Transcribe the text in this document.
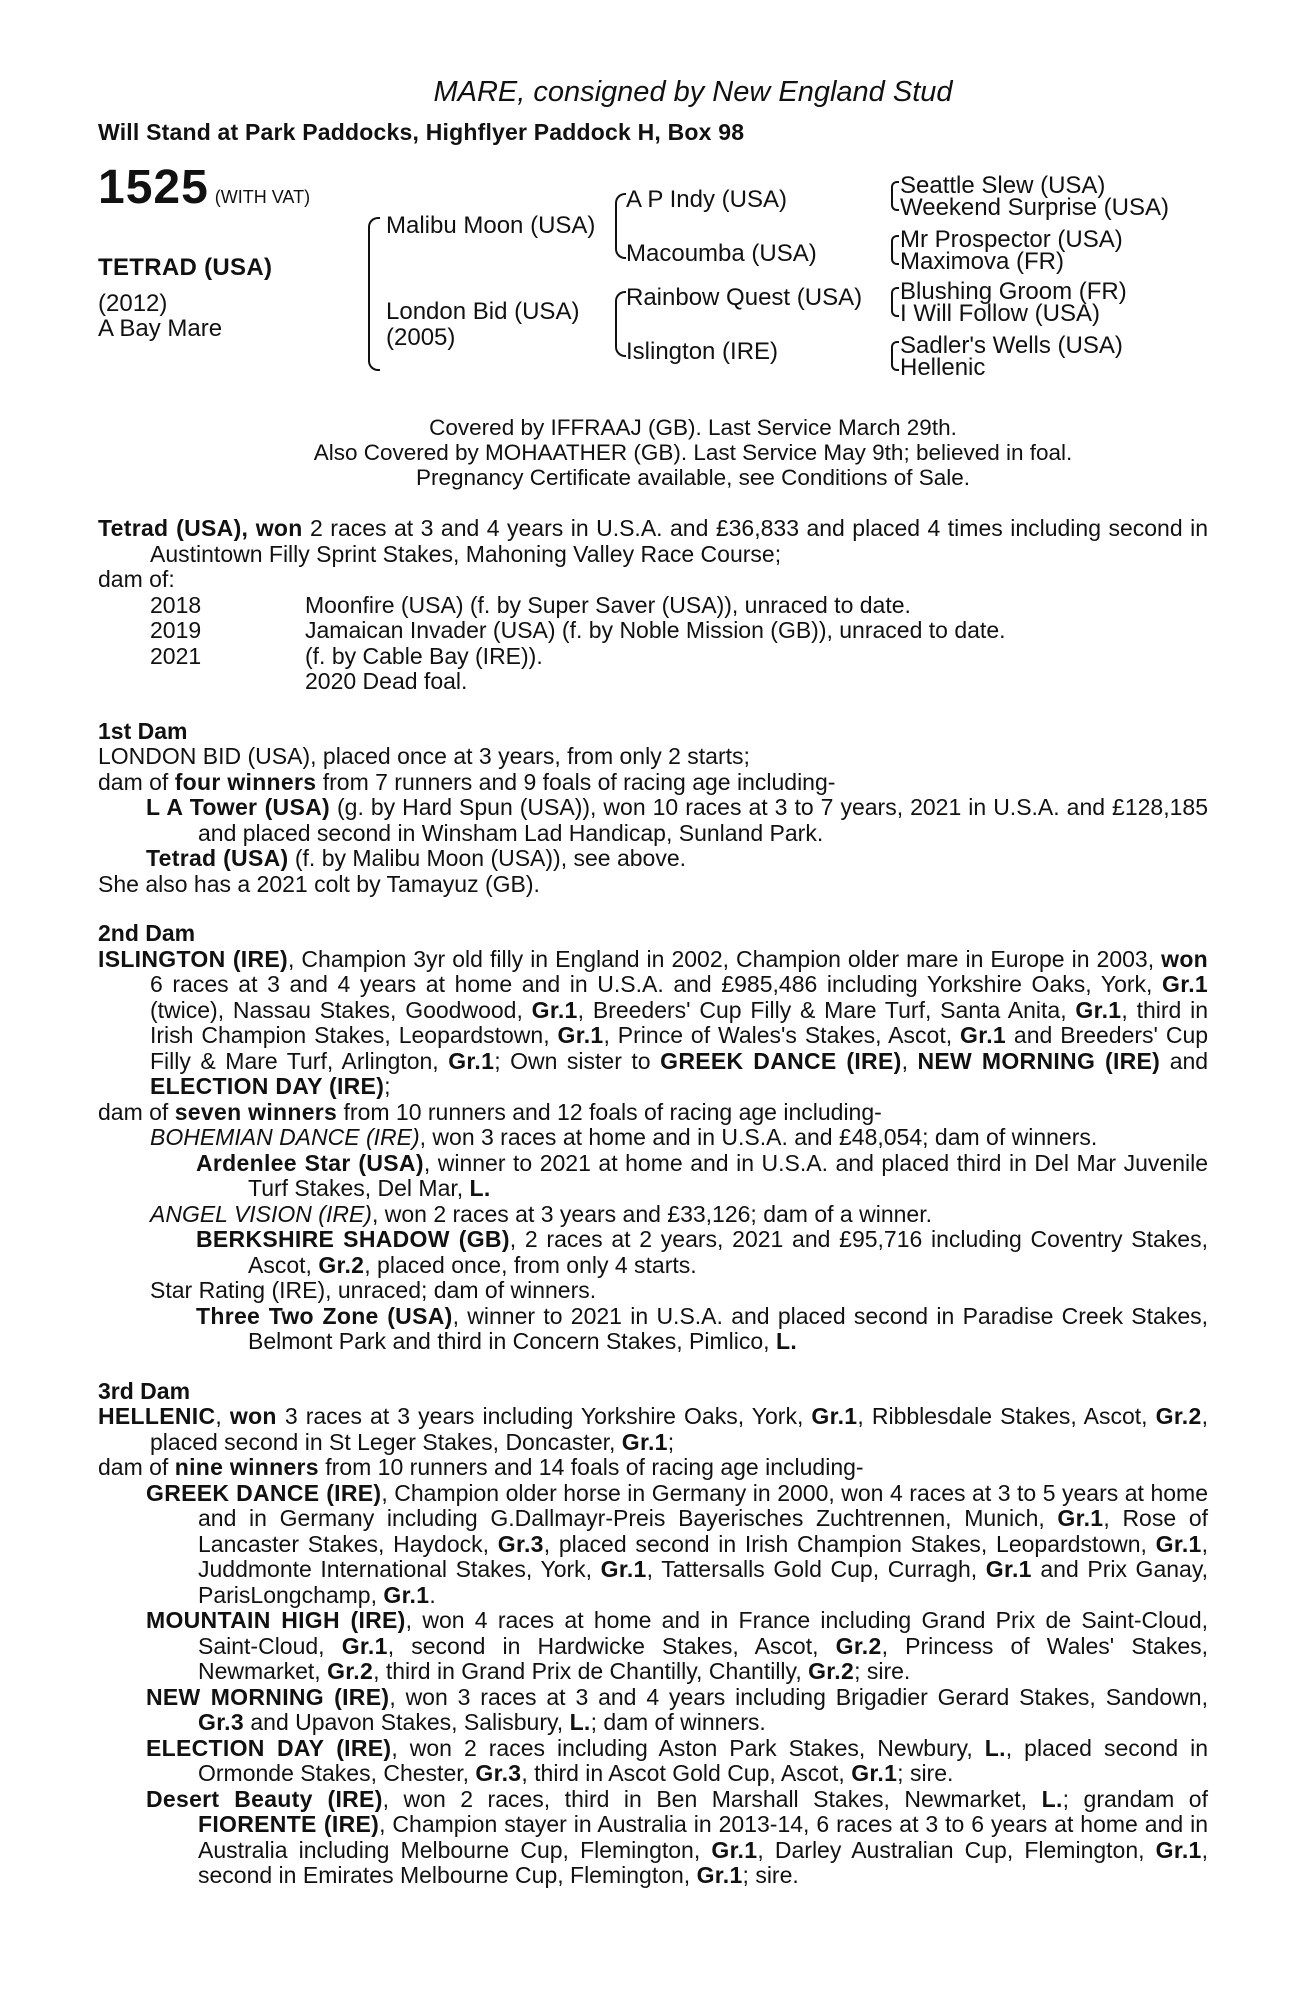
MARE, consigned by New England Stud
Will Stand at Park Paddocks, Highflyer Paddock H, Box 98
1525 (WITH VAT)
TETRAD (USA)
(2012)
A Bay Mare
Malibu Moon (USA)
London Bid (USA)
(2005)
A P Indy (USA)
Macoumba (USA)
Rainbow Quest (USA)
Islington (IRE)
Seattle Slew (USA)
Weekend Surprise (USA)
Mr Prospector (USA)
Maximova (FR)
Blushing Groom (FR)
I Will Follow (USA)
Sadler's Wells (USA)
Hellenic
Covered by IFFRAAJ (GB). Last Service March 29th.
Also Covered by MOHAATHER (GB). Last Service May 9th; believed in foal.
Pregnancy Certificate available, see Conditions of Sale.

Tetrad (USA), won 2 races at 3 and 4 years in U.S.A. and £36,833 and placed 4 times including second in Austintown Filly Sprint Stakes, Mahoning Valley Race Course;

dam of:
2018	Moonfire (USA) (f. by Super Saver (USA)), unraced to date.
2019	Jamaican Invader (USA) (f. by Noble Mission (GB)), unraced to date.
2021	(f. by Cable Bay (IRE)).
2020 Dead foal.
1st Dam
LONDON BID (USA), placed once at 3 years, from only 2 starts;
dam of four winners from 7 runners and 9 foals of racing age including-

L A Tower (USA) (g. by Hard Spun (USA)), won 10 races at 3 to 7 years, 2021 in U.S.A. and £128,185 and placed second in Winsham Lad Handicap, Sunland Park.

Tetrad (USA) (f. by Malibu Moon (USA)), see above.

She also has a 2021 colt by Tamayuz (GB).
2nd Dam

ISLINGTON (IRE), Champion 3yr old filly in England in 2002, Champion older mare in Europe in 2003, won 6 races at 3 and 4 years at home and in U.S.A. and £985,486 including Yorkshire Oaks, York, Gr.1 (twice), Nassau Stakes, Goodwood, Gr.1, Breeders' Cup Filly & Mare Turf, Santa Anita, Gr.1, third in Irish Champion Stakes, Leopardstown, Gr.1, Prince of Wales's Stakes, Ascot, Gr.1 and Breeders' Cup Filly & Mare Turf, Arlington, Gr.1; Own sister to GREEK DANCE (IRE), NEW MORNING (IRE) and ELECTION DAY (IRE);

dam of seven winners from 10 runners and 12 foals of racing age including-

BOHEMIAN DANCE (IRE), won 3 races at home and in U.S.A. and £48,054; dam of winners.

Ardenlee Star (USA), winner to 2021 at home and in U.S.A. and placed third in Del Mar Juvenile Turf Stakes, Del Mar, L.

ANGEL VISION (IRE), won 2 races at 3 years and £33,126; dam of a winner.

BERKSHIRE SHADOW (GB), 2 races at 2 years, 2021 and £95,716 including Coventry Stakes, Ascot, Gr.2, placed once, from only 4 starts.

Star Rating (IRE), unraced; dam of winners.

Three Two Zone (USA), winner to 2021 in U.S.A. and placed second in Paradise Creek Stakes, Belmont Park and third in Concern Stakes, Pimlico, L.

3rd Dam

HELLENIC, won 3 races at 3 years including Yorkshire Oaks, York, Gr.1, Ribblesdale Stakes, Ascot, Gr.2, placed second in St Leger Stakes, Doncaster, Gr.1;

dam of nine winners from 10 runners and 14 foals of racing age including-

GREEK DANCE (IRE), Champion older horse in Germany in 2000, won 4 races at 3 to 5 years at home and in Germany including G.Dallmayr-Preis Bayerisches Zuchtrennen, Munich, Gr.1, Rose of Lancaster Stakes, Haydock, Gr.3, placed second in Irish Champion Stakes, Leopardstown, Gr.1, Juddmonte International Stakes, York, Gr.1, Tattersalls Gold Cup, Curragh, Gr.1 and Prix Ganay, ParisLongchamp, Gr.1.

MOUNTAIN HIGH (IRE), won 4 races at home and in France including Grand Prix de Saint-Cloud, Saint-Cloud, Gr.1, second in Hardwicke Stakes, Ascot, Gr.2, Princess of Wales' Stakes, Newmarket, Gr.2, third in Grand Prix de Chantilly, Chantilly, Gr.2; sire.

NEW MORNING (IRE), won 3 races at 3 and 4 years including Brigadier Gerard Stakes, Sandown, Gr.3 and Upavon Stakes, Salisbury, L.; dam of winners.

ELECTION DAY (IRE), won 2 races including Aston Park Stakes, Newbury, L., placed second in Ormonde Stakes, Chester, Gr.3, third in Ascot Gold Cup, Ascot, Gr.1; sire.

Desert Beauty (IRE), won 2 races, third in Ben Marshall Stakes, Newmarket, L.; grandam of FIORENTE (IRE), Champion stayer in Australia in 2013-14, 6 races at 3 to 6 years at home and in Australia including Melbourne Cup, Flemington, Gr.1, Darley Australian Cup, Flemington, Gr.1, second in Emirates Melbourne Cup, Flemington, Gr.1; sire.
